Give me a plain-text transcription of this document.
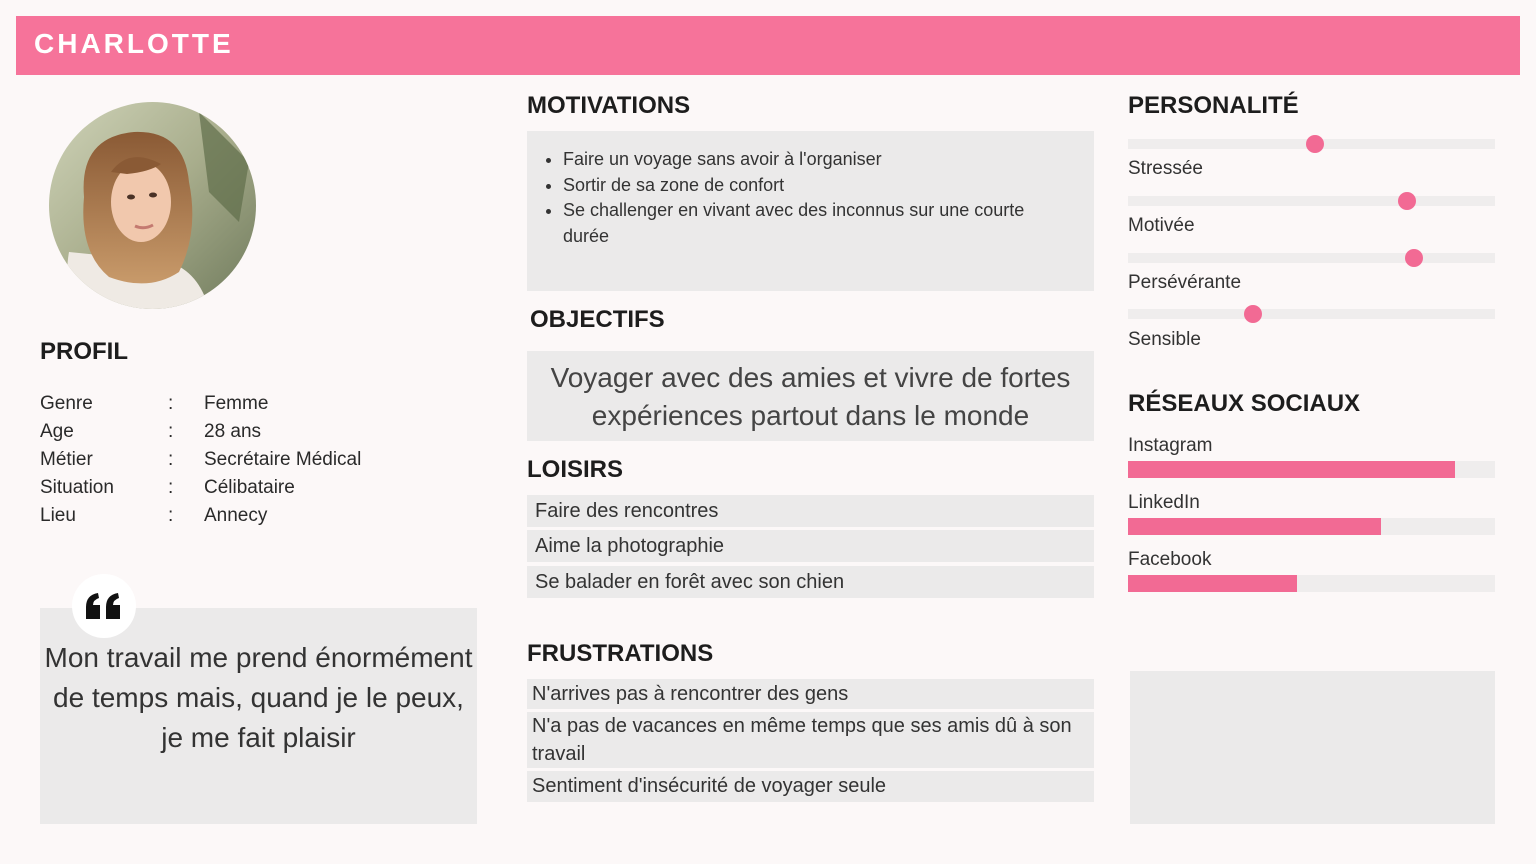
CHARLOTTE
PROFIL
Genre	:	Femme
Age	:	28 ans
Métier	:	Secrétaire Médical
Situation	:	Célibataire
Lieu	:	Annecy
Mon travail me prend énormément de temps mais, quand je le peux, je me fait plaisir
MOTIVATIONS
• Faire un voyage sans avoir à l'organiser
• Sortir de sa zone de confort
• Se challenger en vivant avec des inconnus sur une courte durée
OBJECTIFS
Voyager avec des amies et vivre de fortes expériences partout dans le monde
LOISIRS
Faire des rencontres
Aime la photographie
Se balader en forêt avec son chien
FRUSTRATIONS
N'arrives pas à rencontrer des gens
N'a pas de vacances en même temps que ses amis dû à son travail
Sentiment d'insécurité de voyager seule
PERSONALITÉ
Stressée
Motivée
Persévérante
Sensible
RÉSEAUX SOCIAUX
Instagram
LinkedIn
Facebook
